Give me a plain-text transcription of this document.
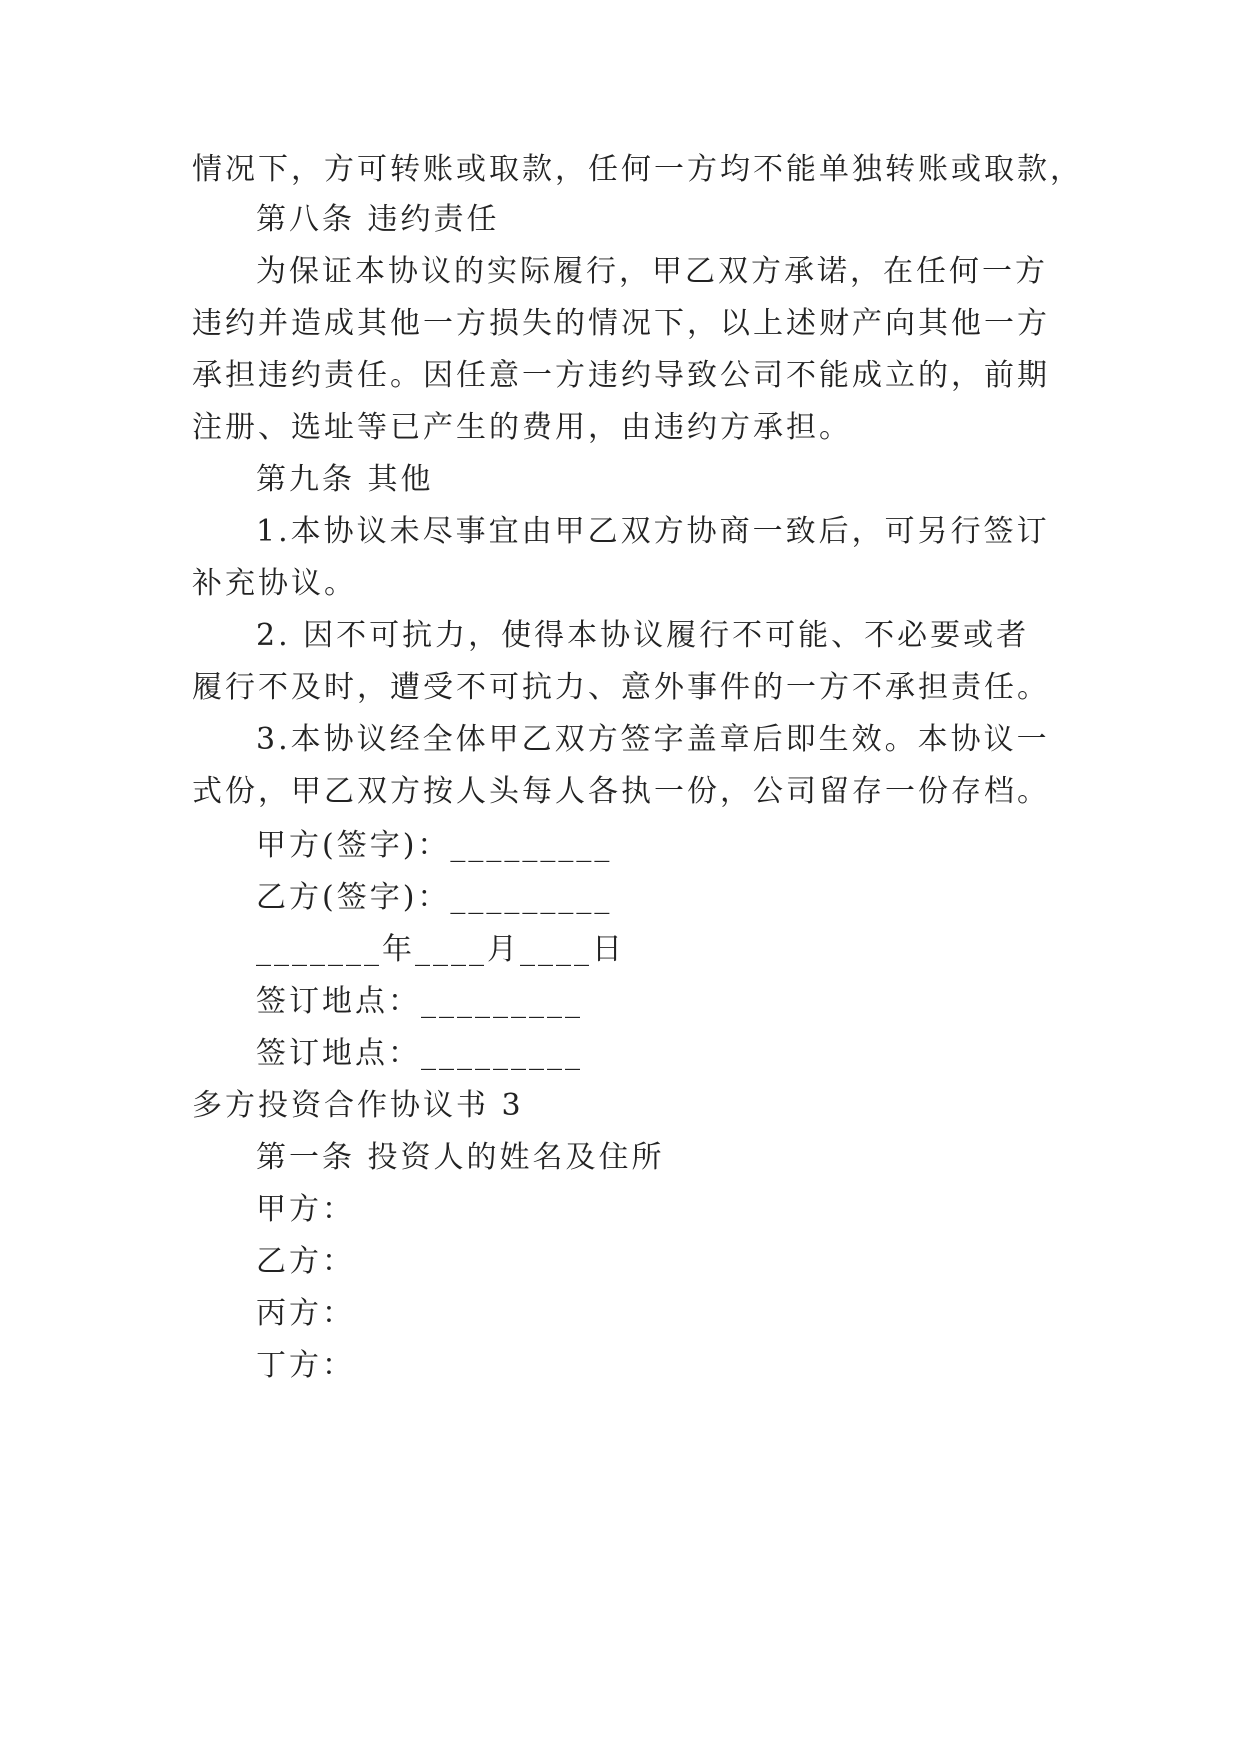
情况下，方可转账或取款，任何一方均不能单独转账或取款，
第八条 违约责任
为保证本协议的实际履行，甲乙双方承诺，在任何一方
违约并造成其他一方损失的情况下，以上述财产向其他一方
承担违约责任。因任意一方违约导致公司不能成立的，前期
注册、选址等已产生的费用，由违约方承担。
第九条 其他
1.本协议未尽事宜由甲乙双方协商一致后，可另行签订
补充协议。
2. 因不可抗力，使得本协议履行不可能、不必要或者
履行不及时，遭受不可抗力、意外事件的一方不承担责任。
3.本协议经全体甲乙双方签字盖章后即生效。本协议一
式份，甲乙双方按人头每人各执一份，公司留存一份存档。
甲方(签字)：_________
乙方(签字)：_________
_______年____月____日
签订地点：_________
签订地点：_________
多方投资合作协议书 3
第一条 投资人的姓名及住所
甲方：
乙方：
丙方：
丁方：
